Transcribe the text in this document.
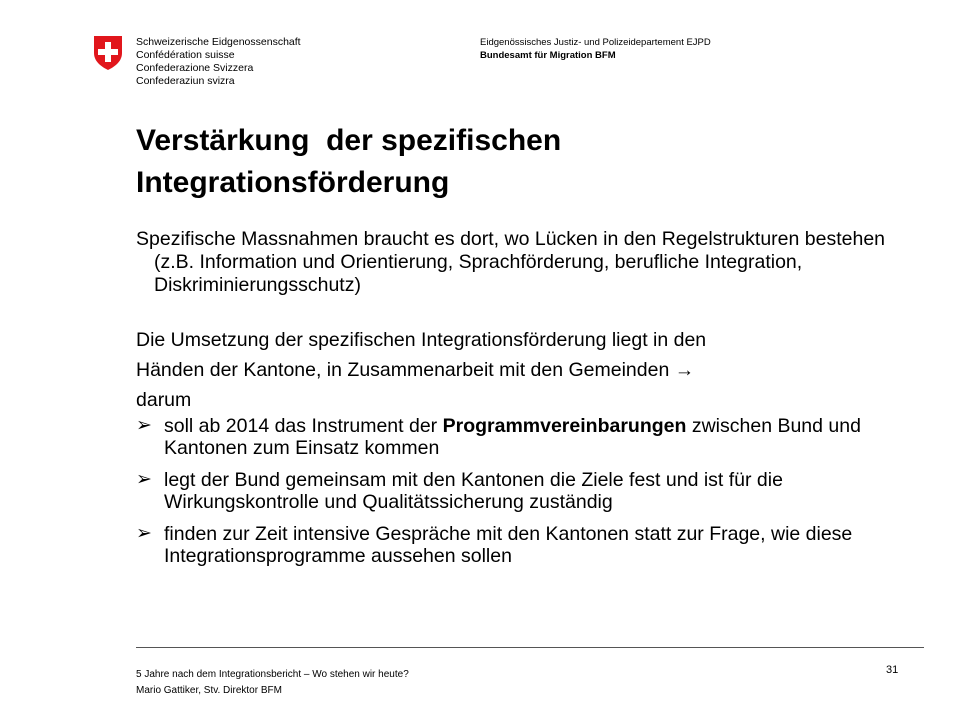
Schweizerische Eidgenossenschaft
Confédération suisse
Confederazione Svizzera
Confederaziun svizra
Eidgenössisches Justiz- und Polizeidepartement EJPD
Bundesamt für Migration BFM
Verstärkung  der spezifischen
Integrationsförderung
Spezifische Massnahmen braucht es dort, wo Lücken in den Regelstrukturen bestehen (z.B. Information und Orientierung, Sprachförderung, berufliche Integration, Diskriminierungsschutz)
Die Umsetzung der spezifischen Integrationsförderung liegt in den
Händen der Kantone, in Zusammenarbeit mit den Gemeinden →
darum
➢ soll ab 2014 das Instrument der Programmvereinbarungen zwischen Bund und Kantonen zum Einsatz kommen
➢ legt der Bund gemeinsam mit den Kantonen die Ziele fest und ist für die Wirkungskontrolle und Qualitätssicherung zuständig
➢ finden zur Zeit intensive Gespräche mit den Kantonen statt zur Frage, wie diese Integrationsprogramme aussehen sollen
5 Jahre nach dem Integrationsbericht – Wo stehen wir heute?
Mario Gattiker, Stv. Direktor BFM
31
